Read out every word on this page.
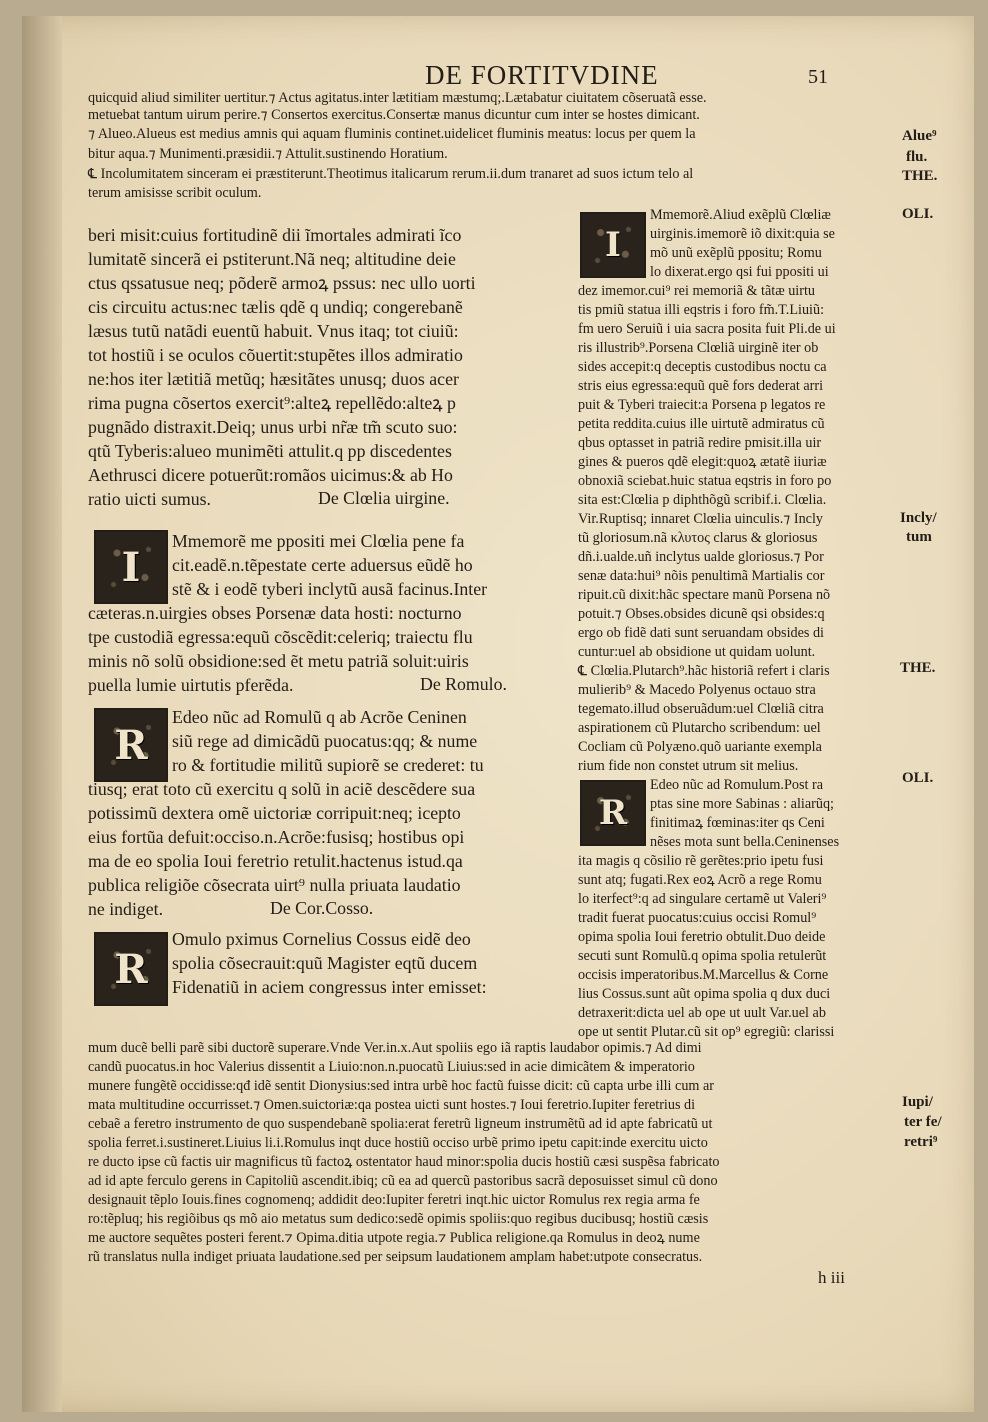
DE FORTITVDINE	51
quicquid aliud similiter uertitur.⁊ Actus agitatus.inter lætitiam mæstumq;.Lætabatur ciuitatem cõseruatã esse.
metuebat tantum uirum perire.⁊ Consertos exercitus.Consertæ manus dicuntur cum inter se hostes dimicant.
⁊ Alueo.Alueus est medius amnis qui aquam fluminis continet.uidelicet fluminis meatus: locus per quem la
bitur aqua.⁊ Munimenti.præsidii.⁊ Attulit.sustinendo Horatium.
℄ Incolumitatem sinceram ei præstiterunt.Theotimus italicarum rerum.ii.dum tranaret ad suos ictum telo al
terum amisisse scribit oculum.
Alue⁹
flu.
THE.
beri misit:cuius fortitudinẽ dii ĩmortales admirati ĩco
lumitatẽ sincerã ei pstiterunt.Nã neq; altitudine deie
ctus qssatusue neq; põderẽ armoꝝ pssus: nec ullo uorti
cis circuitu actus:nec tælis qdẽ q undiq; congerebanẽ
læsus tutũ natãdi euentũ habuit. Vnus itaq; tot ciuiũ:
tot hostiũ i se oculos cõuertit:stupẽtes illos admiratio
ne:hos iter lætitiã metũq; hæsitãtes unusq; duos acer
rima pugna cõsertos exercit⁹:alteꝝ repellẽdo:alteꝝ p
pugnãdo distraxit.Deiq; unus urbi nr̃æ tm̃ scuto suo:
qtũ Tyberis:alueo munimẽti attulit.q pp discedentes
Aethrusci dicere potuerũt:romãos uicimus:& ab Ho
ratio uicti sumus.	De Clœlia uirgine.
I
Mmemorẽ me ppositi mei Clœlia pene fa
cit.eadẽ.n.tẽpestate certe aduersus eũdẽ ho
stẽ & i eodẽ tyberi inclytũ ausã facinus.Inter
cæteras.n.uirgies obses Porsenæ data hosti: nocturno
tpe custodiã egressa:equũ cõscẽdit:celeriq; traiectu flu
minis nõ solũ obsidione:sed ẽt metu patriã soluit:uiris
puella lumie uirtutis pferẽda.	De Romulo.
R
Edeo nũc ad Romulũ q ab Acrõe Ceninen
siũ rege ad dimicãdũ puocatus:qq; & nume
ro & fortitudie militũ supiorẽ se crederet: tu
tiusq; erat toto cũ exercitu q solũ in aciẽ descẽdere sua
potissimũ dextera omẽ uictoriæ corripuit:neq; icepto
eius fortũa defuit:occiso.n.Acrõe:fusisq; hostibus opi
ma de eo spolia Ioui feretrio retulit.hactenus istud.qa
publica religiõe cõsecrata uirt⁹ nulla priuata laudatio
ne indiget.	De Cor.Cosso.
R
Omulo pximus Cornelius Cossus eidẽ deo
spolia cõsecrauit:quũ Magister eqtũ ducem
Fidenatiũ in aciem congressus inter emisset:
I
Mmemorẽ.Aliud exẽplũ Clœliæ
uirginis.imemorẽ iõ dixit:quia se
mõ unũ exẽplũ ppositu; Romu
lo dixerat.ergo qsi fui ppositi ui
dez imemor.cui⁹ rei memoriã & tãtæ uirtu
tis pmiũ statua illi eqstris i foro fm̃.T.Liuiũ:
fm uero Seruiũ i uia sacra posita fuit Pli.de ui
ris illustrib⁹.Porsena Clœliã uirginẽ iter ob
sides accepit:q deceptis custodibus noctu ca
stris eius egressa:equũ quẽ fors dederat arri
puit & Tyberi traiecit:a Porsena p legatos re
petita reddita.cuius ille uirtutẽ admiratus cũ
qbus optasset in patriã redire pmisit.illa uir
gines & pueros qdẽ elegit:quoꝝ ætatẽ iiuriæ
obnoxiã sciebat.huic statua eqstris in foro po
sita est:Clœlia p diphthõgũ scribif.i. Clœlia.
Vir.Ruptisq; innaret Clœlia uinculis.⁊ Incly
tũ gloriosum.nã κλυτος clarus & gloriosus
dñ.i.ualde.uñ inclytus ualde gloriosus.⁊ Por
senæ data:hui⁹ nõis penultimã Martialis cor
ripuit.cũ dixit:hãc spectare manũ Porsena nõ
potuit.⁊ Obses.obsides dicunẽ qsi obsides:q
ergo ob fidẽ dati sunt seruandam obsides di
cuntur:uel ab obsidione ut quidam uolunt.
℄ Clœlia.Plutarch⁹.hãc historiã refert i claris
mulierib⁹ & Macedo Polyenus octauo stra
tegemato.illud obseruãdum:uel Clœliã citra
aspirationem cũ Plutarcho scribendum: uel
Cocliam cũ Polyæno.quõ uariante exempla
rium fide non constet utrum sit melius.
R
Edeo nũc ad Romulum.Post ra
ptas sine more Sabinas : aliarũq;
finitimaꝝ fœminas:iter qs Ceni
nẽses mota sunt bella.Ceninenses
ita magis q cõsilio rẽ gerẽtes:prio ipetu fusi
sunt atq; fugati.Rex eoꝝ Acrõ a rege Romu
lo iterfect⁹:q ad singulare certamẽ ut Valeri⁹
tradit fuerat puocatus:cuius occisi Romul⁹
opima spolia Ioui feretrio obtulit.Duo deide
secuti sunt Romulũ.q opima spolia retulerũt
occisis imperatoribus.M.Marcellus & Corne
lius Cossus.sunt aũt opima spolia q dux duci
detraxerit:dicta uel ab ope ut uult Var.uel ab
ope ut sentit Plutar.cũ sit op⁹ egregiũ: clarissi
OLI.
Incly/
tum
THE.
OLI.
mum ducẽ belli parẽ sibi ductorẽ superare.Vnde Ver.in.x.Aut spoliis ego iã raptis laudabor opimis.⁊ Ad dimi
candũ puocatus.in hoc Valerius dissentit a Liuio:non.n.puocatũ Liuius:sed in acie dimicãtem & imperatorio
munere fungẽtẽ occidisse:qđ idẽ sentit Dionysius:sed intra urbẽ hoc factũ fuisse dicit: cũ capta urbe illi cum ar
mata multitudine occurrisset.⁊ Omen.suictoriæ:qa postea uicti sunt hostes.⁊ Ioui feretrio.Iupiter feretrius di
cebaẽ a feretro instrumento de quo suspendebanẽ spolia:erat feretrũ ligneum instrumẽtũ ad id apte fabricatũ ut
spolia ferret.i.sustineret.Liuius li.i.Romulus inqt duce hostiũ occiso urbẽ primo ipetu capit:inde exercitu uicto
re ducto ipse cũ factis uir magnificus tũ factoꝝ ostentator haud minor:spolia ducis hostiũ cæsi suspẽsa fabricato
ad id apte ferculo gerens in Capitoliũ ascendit.ibiq; cũ ea ad quercũ pastoribus sacrã deposuisset simul cũ dono
designauit tẽplo Iouis.fines cognomenq; addidit deo:Iupiter feretri inqt.hic uictor Romulus rex regia arma fe
ro:tẽpluq; his regiõibus qs mõ aio metatus sum dedico:sedẽ opimis spoliis:quo regibus ducibusq; hostiũ cæsis
me auctore sequẽtes posteri ferent.⁊ Opima.ditia utpote regia.⁊ Publica religione.qa Romulus in deoꝝ nume
rũ translatus nulla indiget priuata laudatione.sed per seipsum laudationem amplam habet:utpote consecratus.
Iupi/
ter fe/
retri⁹
h iii
